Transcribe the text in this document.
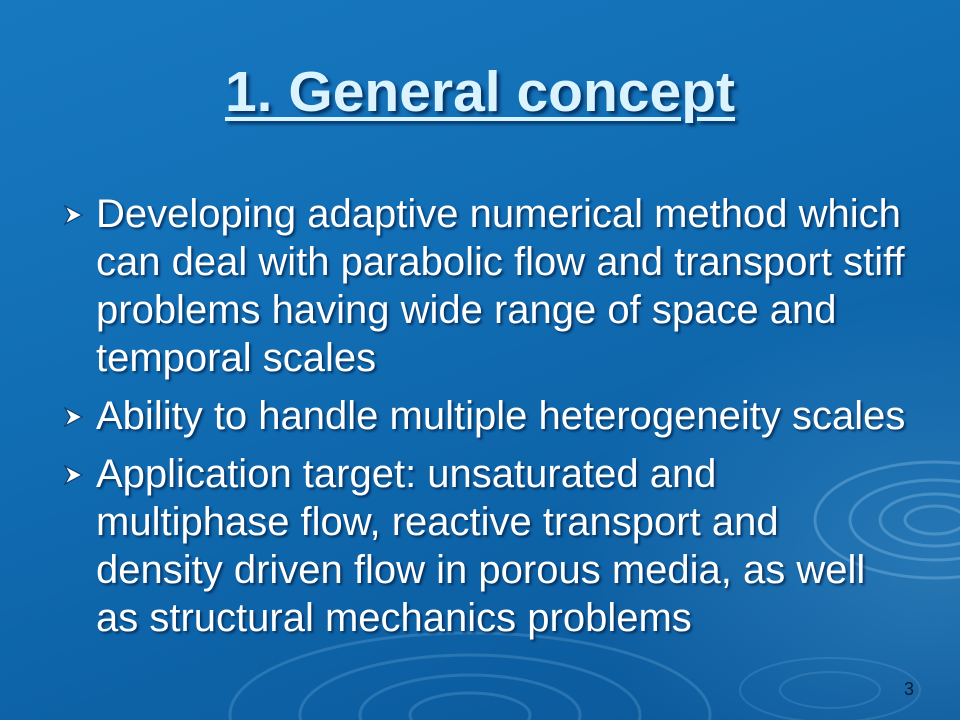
1. General concept
Developing adaptive numerical method which can deal with parabolic flow and transport stiff problems having wide range of space and temporal scales
Ability to handle multiple heterogeneity scales
Application target: unsaturated and multiphase flow, reactive transport and density driven flow in porous media, as well as structural mechanics problems
3
